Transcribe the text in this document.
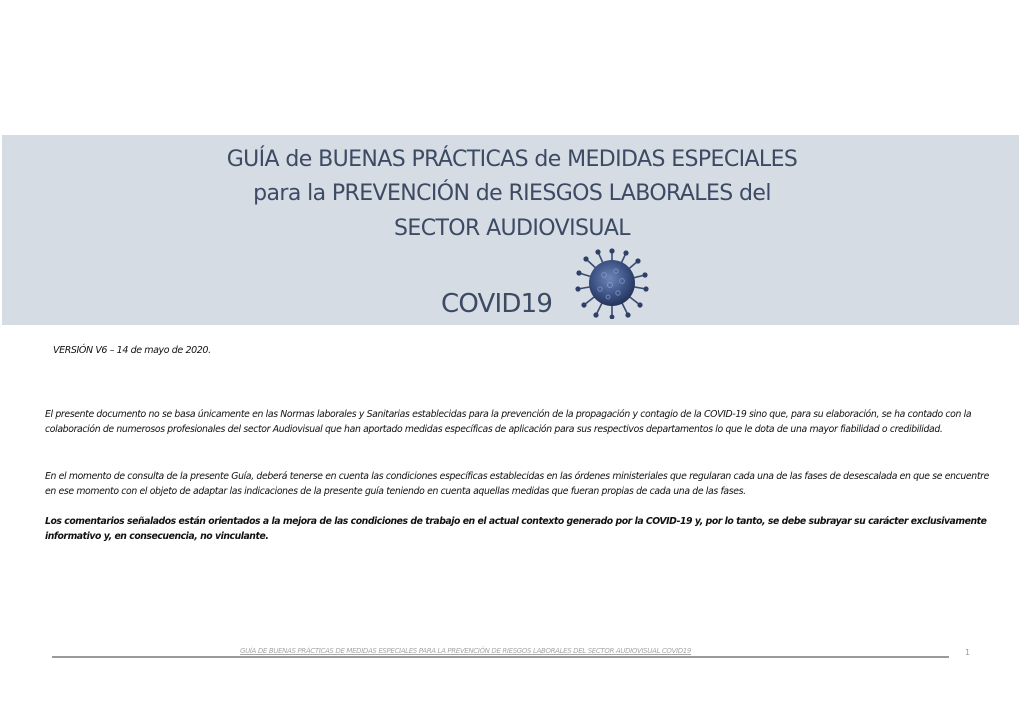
GUÍA de BUENAS PRÁCTICAS de MEDIDAS ESPECIALES
para la PREVENCIÓN de RIESGOS LABORALES del
SECTOR AUDIOVISUAL
COVID19
VERSIÓN V6 – 14 de mayo de 2020.
El presente documento no se basa únicamente en las Normas laborales y Sanitarias establecidas para la prevención de la propagación y contagio de la COVID-19 sino que, para su elaboración, se ha contado con la colaboración de numerosos profesionales del sector Audiovisual que han aportado medidas específicas de aplicación para sus respectivos departamentos lo que le dota de una mayor fiabilidad o credibilidad.
En el momento de consulta de la presente Guía, deberá tenerse en cuenta las condiciones específicas establecidas en las órdenes ministeriales que regularan cada una de las fases de desescalada en que se encuentre en ese momento con el objeto de adaptar las indicaciones de la presente guía teniendo en cuenta aquellas medidas que fueran propias de cada una de las fases.
Los comentarios señalados están orientados a la mejora de las condiciones de trabajo en el actual contexto generado por la COVID-19 y, por lo tanto, se debe subrayar su carácter exclusivamente informativo y, en consecuencia, no vinculante.
GUÍA DE BUENAS PRÁCTICAS DE MEDIDAS ESPECIALES PARA LA PREVENCIÓN DE RIESGOS LABORALES DEL SECTOR AUDIOVISUAL COVID19	1
